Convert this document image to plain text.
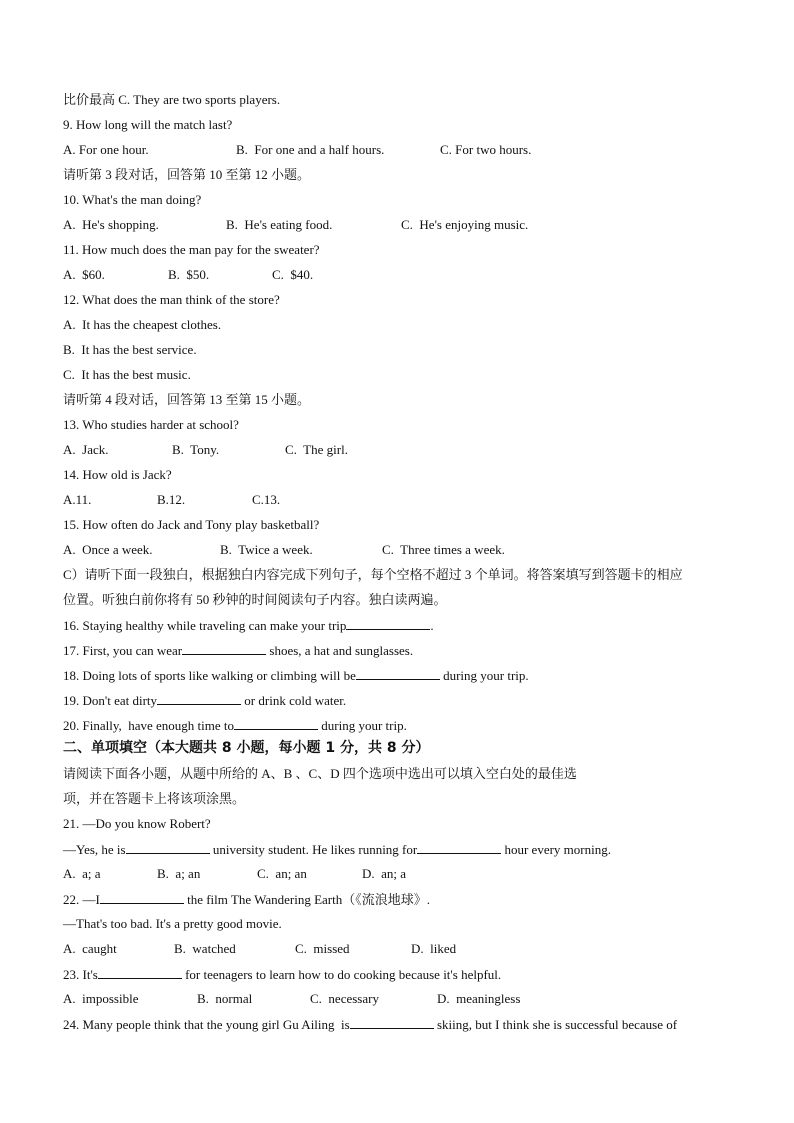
比价最高 C. They are two sports players.
9. How long will the match last?
A. For one hour.	B.  For one and a half hours.	C. For two hours.
请听第 3 段对话，回答第 10 至第 12 小题。
10. What's the man doing?
A.  He's shopping.	B.  He's eating food.	C.  He's enjoying music.
11. How much does the man pay for the sweater?
A.  $60.	B.  $50.	C.  $40.
12. What does the man think of the store?
A.  It has the cheapest clothes.
B.  It has the best service.
C.  It has the best music.
请听第 4 段对话，回答第 13 至第 15 小题。
13. Who studies harder at school?
A.  Jack.	B.  Tony.	C.  The girl.
14. How old is Jack?
A.11.	B.12.	C.13.
15. How often do Jack and Tony play basketball?
A.  Once a week.	B.  Twice a week.	C.  Three times a week.
C）请听下面一段独白，根据独白内容完成下列句子，每个空格不超过 3 个单词。将答案填写到答题卡的相应
位置。听独白前你将有 50 秒钟的时间阅读句子内容。独白读两遍。
16. Staying healthy while traveling can make your trip	.
17. First, you can wear	shoes, a hat and sunglasses.
18. Doing lots of sports like walking or climbing will be	during your trip.
19. Don't eat dirty	or drink cold water.
20. Finally,  have enough time to	during your trip.
二、单项填空（本大题共 8 小题，每小题 1 分，共 8 分）
请阅读下面各小题，从题中所给的 A、B 、C、D 四个选项中选出可以填入空白处的最佳选
项，并在答题卡上将该项涂黑。
21. —Do you know Robert?
—Yes, he is	university student. He likes running for	hour every morning.
A.  a; a	B.  a; an	C.  an; an	D.  an; a
22. —I	the film The Wandering Earth（《流浪地球》.
—That's too bad. It's a pretty good movie.
A.  caught	B.  watched	C.  missed	D.  liked
23. It's	for teenagers to learn how to do cooking because it's helpful.
A.  impossible	B.  normal	C.  necessary	D.  meaningless
24. Many people think that the young girl Gu Ailing  is	skiing, but I think she is successful because of
